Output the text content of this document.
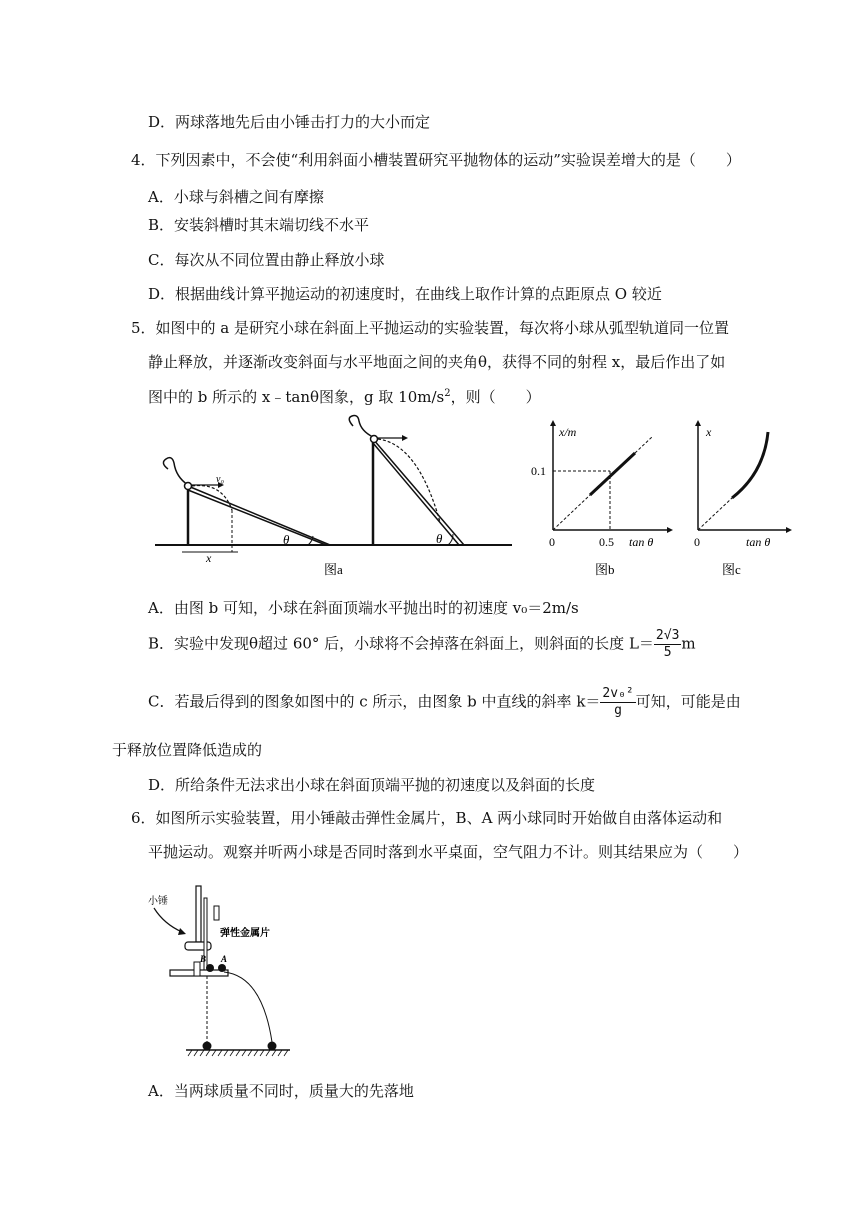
D．两球落地先后由小锤击打力的大小而定
4．下列因素中，不会使“利用斜面小槽装置研究平抛物体的运动”实验误差增大的是（　　）
A．小球与斜槽之间有摩擦
B．安装斜槽时其末端切线不水平
C．每次从不同位置由静止释放小球
D．根据曲线计算平抛运动的初速度时，在曲线上取作计算的点距原点 O 较近
5．如图中的 a 是研究小球在斜面上平抛运动的实验装置，每次将小球从弧型轨道同一位置
静止释放，并逐渐改变斜面与水平地面之间的夹角θ，获得不同的射程 x，最后作出了如
图中的 b 所示的 x﹣tanθ图象，g 取 $10m/s^2$，则（　　）
v₀
x
θ	θ
图a
x/m
0.1
0	0.5 tan θ
图b
x
0	tan θ
图c
A．由图 b 可知，小球在斜面顶端水平抛出时的初速度 v₀＝2m/s
B．实验中发现θ超过 60° 后，小球将不会掉落在斜面上，则斜面的长度 $L= \frac{2√3}{5}$ m
C．若最后得到的图象如图中的 c 所示，由图象 b 中直线的斜率 $k= \frac{\text{2v₀²}}{g}$ 可知，可能是由
于释放位置降低造成的
D．所给条件无法求出小球在斜面顶端平抛的初速度以及斜面的长度
6．如图所示实验装置，用小锤敲击弹性金属片，B、A 两小球同时开始做自由落体运动和
平抛运动。观察并听两小球是否同时落到水平桌面，空气阻力不计。则其结果应为（　　）
小锤
弹性金属片
B A
A．当两球质量不同时，质量大的先落地
